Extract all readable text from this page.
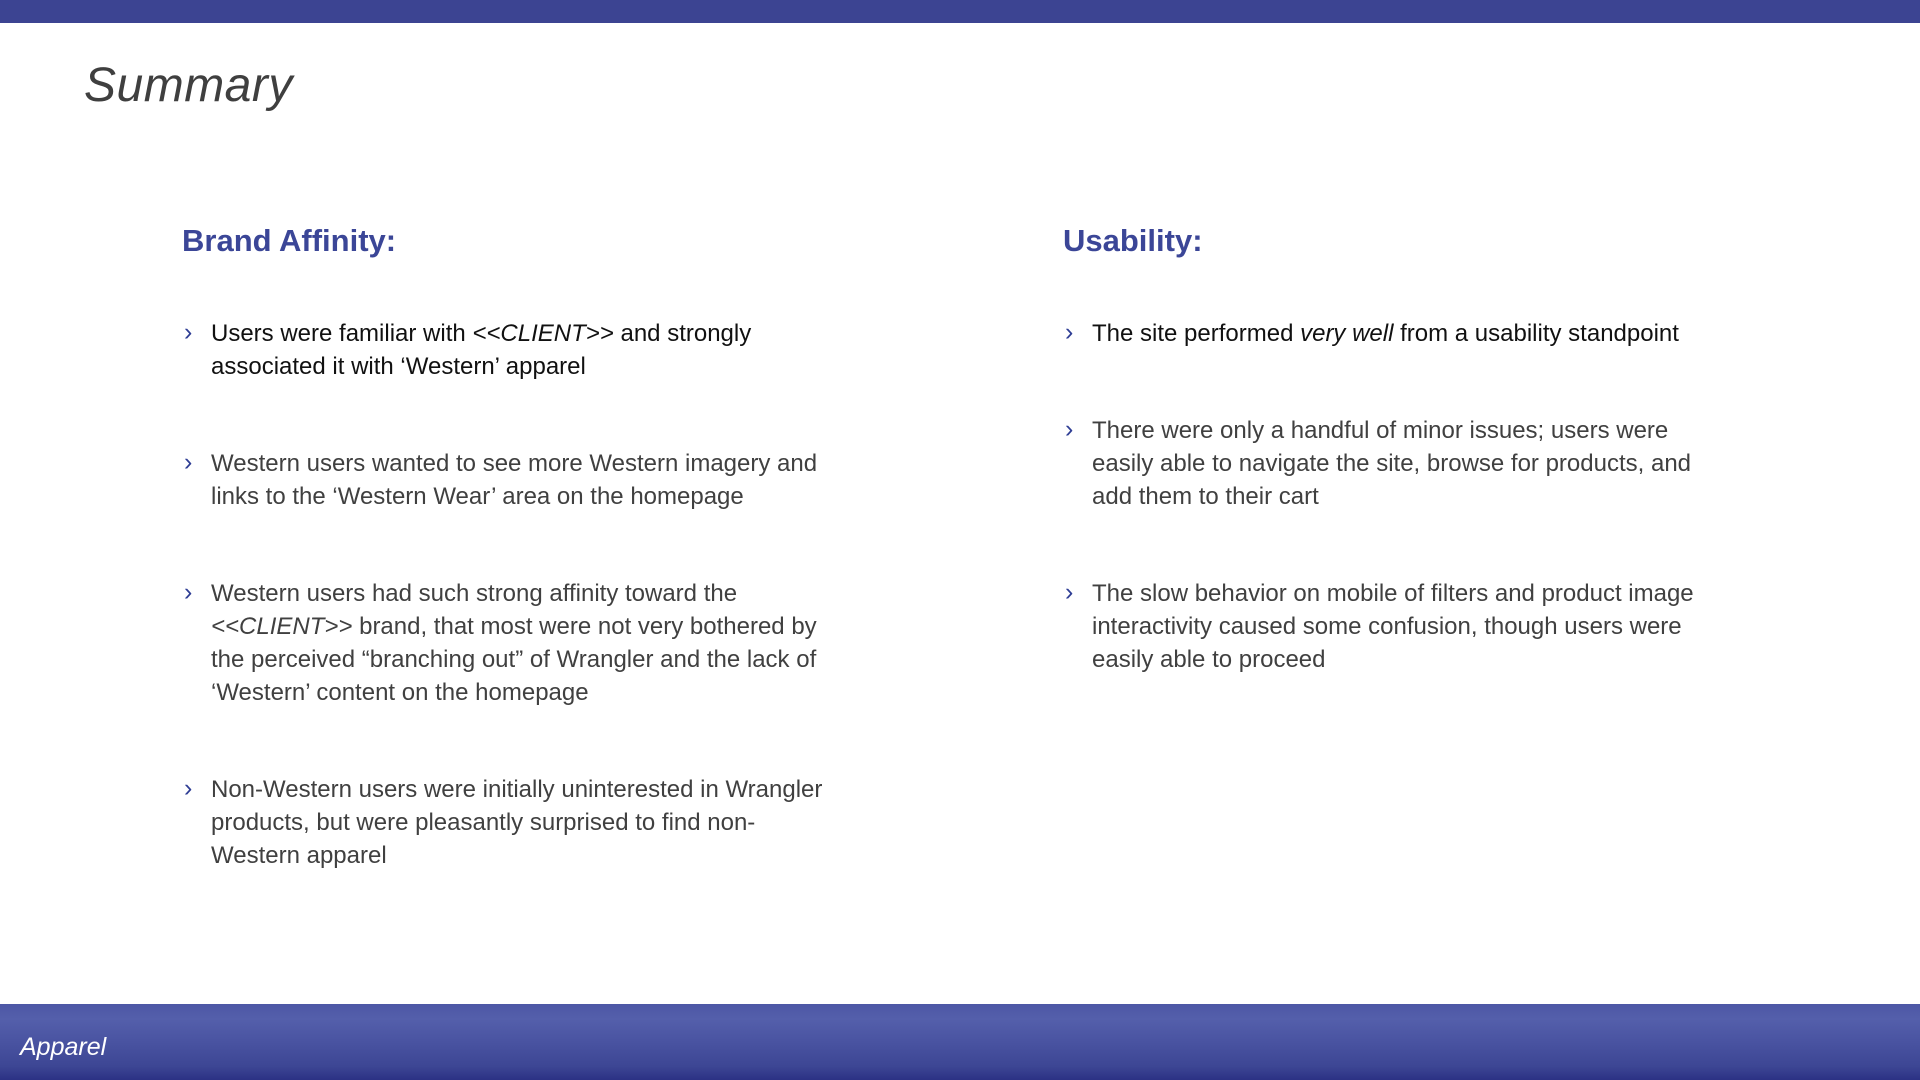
Summary
Brand Affinity:
› Users were familiar with <<CLIENT>> and strongly associated it with ‘Western’ apparel
› Western users wanted to see more Western imagery and links to the ‘Western Wear’ area on the homepage
› Western users had such strong affinity toward the <<CLIENT>> brand, that most were not very bothered by the perceived “branching out” of Wrangler and the lack of ‘Western’ content on the homepage
› Non-Western users were initially uninterested in Wrangler products, but were pleasantly surprised to find non-Western apparel
Usability:
› The site performed very well from a usability standpoint
› There were only a handful of minor issues; users were easily able to navigate the site, browse for products, and add them to their cart
› The slow behavior on mobile of filters and product image interactivity caused some confusion, though users were easily able to proceed
Apparel
